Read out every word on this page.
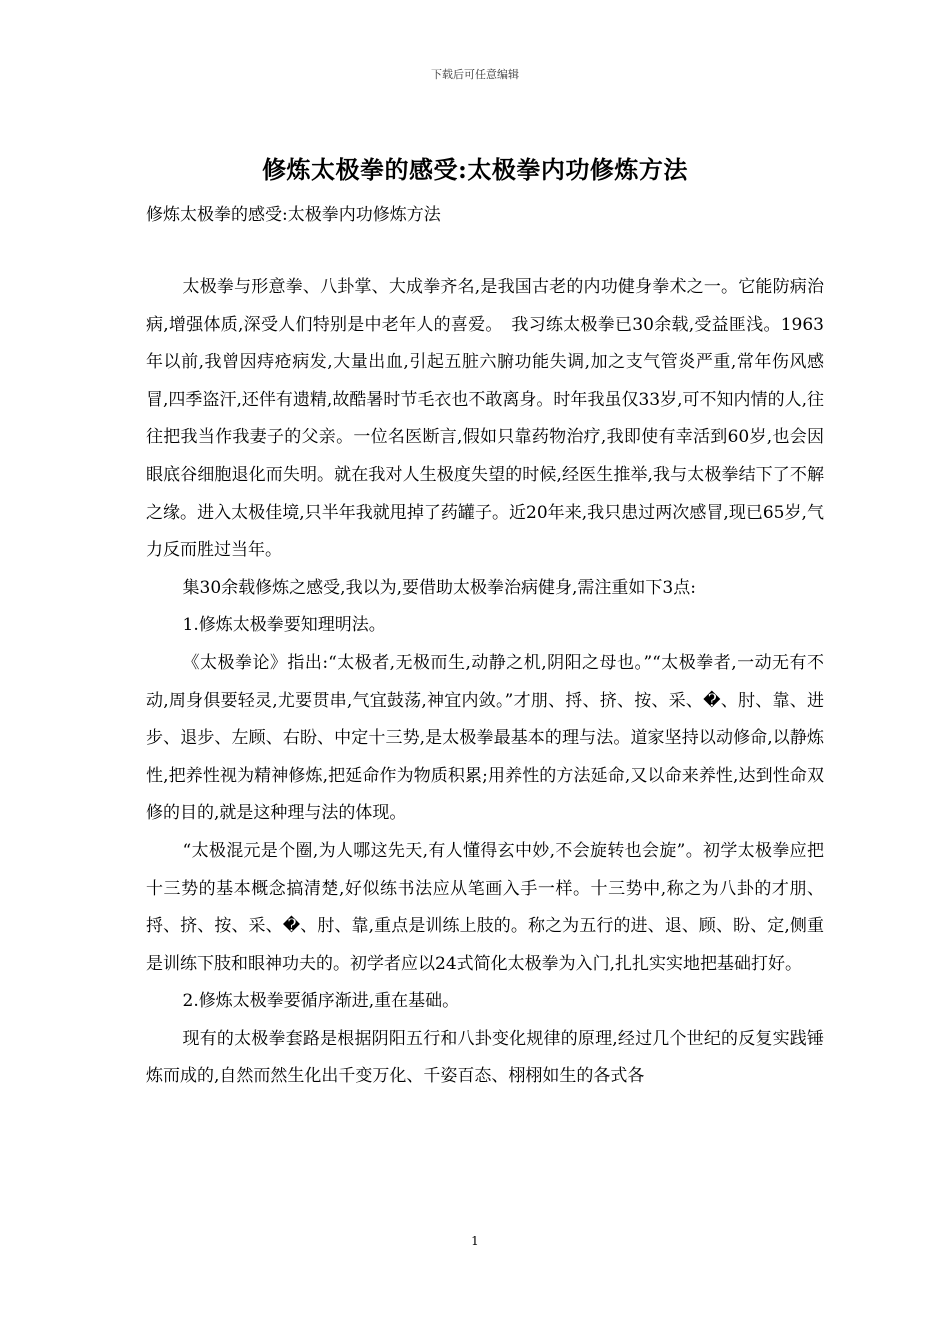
下载后可任意编辑
修炼太极拳的感受:太极拳内功修炼方法
修炼太极拳的感受:太极拳内功修炼方法

太极拳与形意拳、八卦掌、大成拳齐名,是我国古老的内功健身拳术之一。它能防病治病,增强体质,深受人们特别是中老年人的喜爱。　我习练太极拳已30余载,受益匪浅。1963年以前,我曾因痔疮病发,大量出血,引起五脏六腑功能失调,加之支气管炎严重,常年伤风感冒,四季盗汗,还伴有遗精,故酷暑时节毛衣也不敢离身。时年我虽仅33岁,可不知内情的人,往往把我当作我妻子的父亲。一位名医断言,假如只靠药物治疗,我即使有幸活到60岁,也会因眼底谷细胞退化而失明。就在我对人生极度失望的时候,经医生推举,我与太极拳结下了不解之缘。进入太极佳境,只半年我就甩掉了药罐子。近20年来,我只患过两次感冒,现已65岁,气力反而胜过当年。

集30余载修炼之感受,我以为,要借助太极拳治病健身,需注重如下3点:

1.修炼太极拳要知理明法。

《太极拳论》指出:“太极者,无极而生,动静之机,阴阳之母也。”“太极拳者,一动无有不动,周身俱要轻灵,尤要贯串,气宜鼓荡,神宜内敛。”才朋、捋、挤、按、采、�、肘、靠、进步、退步、左顾、右盼、中定十三势,是太极拳最基本的理与法。道家坚持以动修命,以静炼性,把养性视为精神修炼,把延命作为物质积累;用养性的方法延命,又以命来养性,达到性命双修的目的,就是这种理与法的体现。

“太极混元是个圈,为人哪这先天,有人懂得玄中妙,不会旋转也会旋”。初学太极拳应把十三势的基本概念搞清楚,好似练书法应从笔画入手一样。十三势中,称之为八卦的才朋、捋、挤、按、采、�、肘、靠,重点是训练上肢的。称之为五行的进、退、顾、盼、定,侧重是训练下肢和眼神功夫的。初学者应以24式简化太极拳为入门,扎扎实实地把基础打好。

2.修炼太极拳要循序渐进,重在基础。

现有的太极拳套路是根据阴阳五行和八卦变化规律的原理,经过几个世纪的反复实践锤炼而成的,自然而然生化出千变万化、千姿百态、栩栩如生的各式各

1
